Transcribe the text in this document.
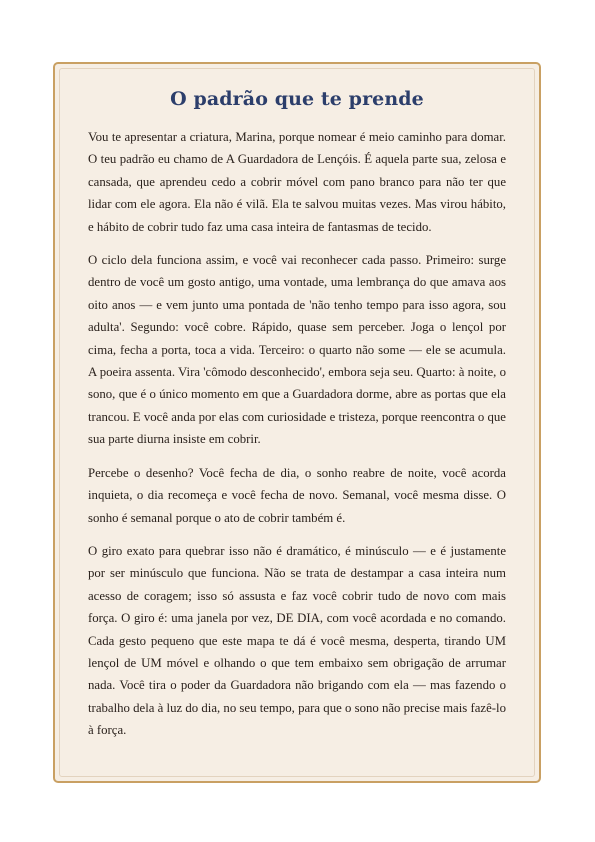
O padrão que te prende

Vou te apresentar a criatura, Marina, porque nomear é meio caminho para domar. O teu padrão eu chamo de A Guardadora de Lençóis. É aquela parte sua, zelosa e cansada, que aprendeu cedo a cobrir móvel com pano branco para não ter que lidar com ele agora. Ela não é vilã. Ela te salvou muitas vezes. Mas virou hábito, e hábito de cobrir tudo faz uma casa inteira de fantasmas de tecido.

O ciclo dela funciona assim, e você vai reconhecer cada passo. Primeiro: surge dentro de você um gosto antigo, uma vontade, uma lembrança do que amava aos oito anos — e vem junto uma pontada de 'não tenho tempo para isso agora, sou adulta'. Segundo: você cobre. Rápido, quase sem perceber. Joga o lençol por cima, fecha a porta, toca a vida. Terceiro: o quarto não some — ele se acumula. A poeira assenta. Vira 'cômodo desconhecido', embora seja seu. Quarto: à noite, o sono, que é o único momento em que a Guardadora dorme, abre as portas que ela trancou. E você anda por elas com curiosidade e tristeza, porque reencontra o que sua parte diurna insiste em cobrir.

Percebe o desenho? Você fecha de dia, o sonho reabre de noite, você acorda inquieta, o dia recomeça e você fecha de novo. Semanal, você mesma disse. O sonho é semanal porque o ato de cobrir também é.

O giro exato para quebrar isso não é dramático, é minúsculo — e é justamente por ser minúsculo que funciona. Não se trata de destampar a casa inteira num acesso de coragem; isso só assusta e faz você cobrir tudo de novo com mais força. O giro é: uma janela por vez, DE DIA, com você acordada e no comando. Cada gesto pequeno que este mapa te dá é você mesma, desperta, tirando UM lençol de UM móvel e olhando o que tem embaixo sem obrigação de arrumar nada. Você tira o poder da Guardadora não brigando com ela — mas fazendo o trabalho dela à luz do dia, no seu tempo, para que o sono não precise mais fazê-lo à força.
